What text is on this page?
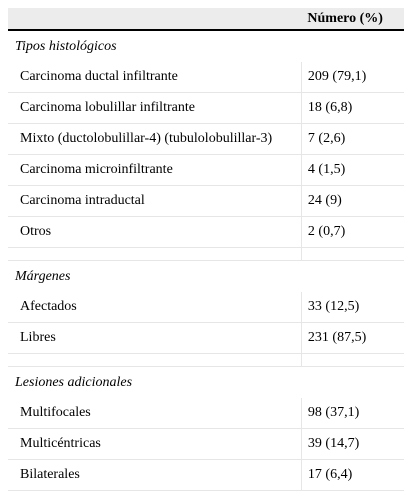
	Número (%)
Tipos histológicos	
Carcinoma ductal infiltrante	209 (79,1)
Carcinoma lobulillar infiltrante	18 (6,8)
Mixto (ductolobulillar-4) (tubulolobulillar-3)	7 (2,6)
Carcinoma microinfiltrante	4 (1,5)
Carcinoma intraductal	24 (9)
Otros	2 (0,7)

Márgenes	
Afectados	33 (12,5)
Libres	231 (87,5)

Lesiones adicionales	
Multifocales	98 (37,1)
Multicéntricas	39 (14,7)
Bilaterales	17 (6,4)
